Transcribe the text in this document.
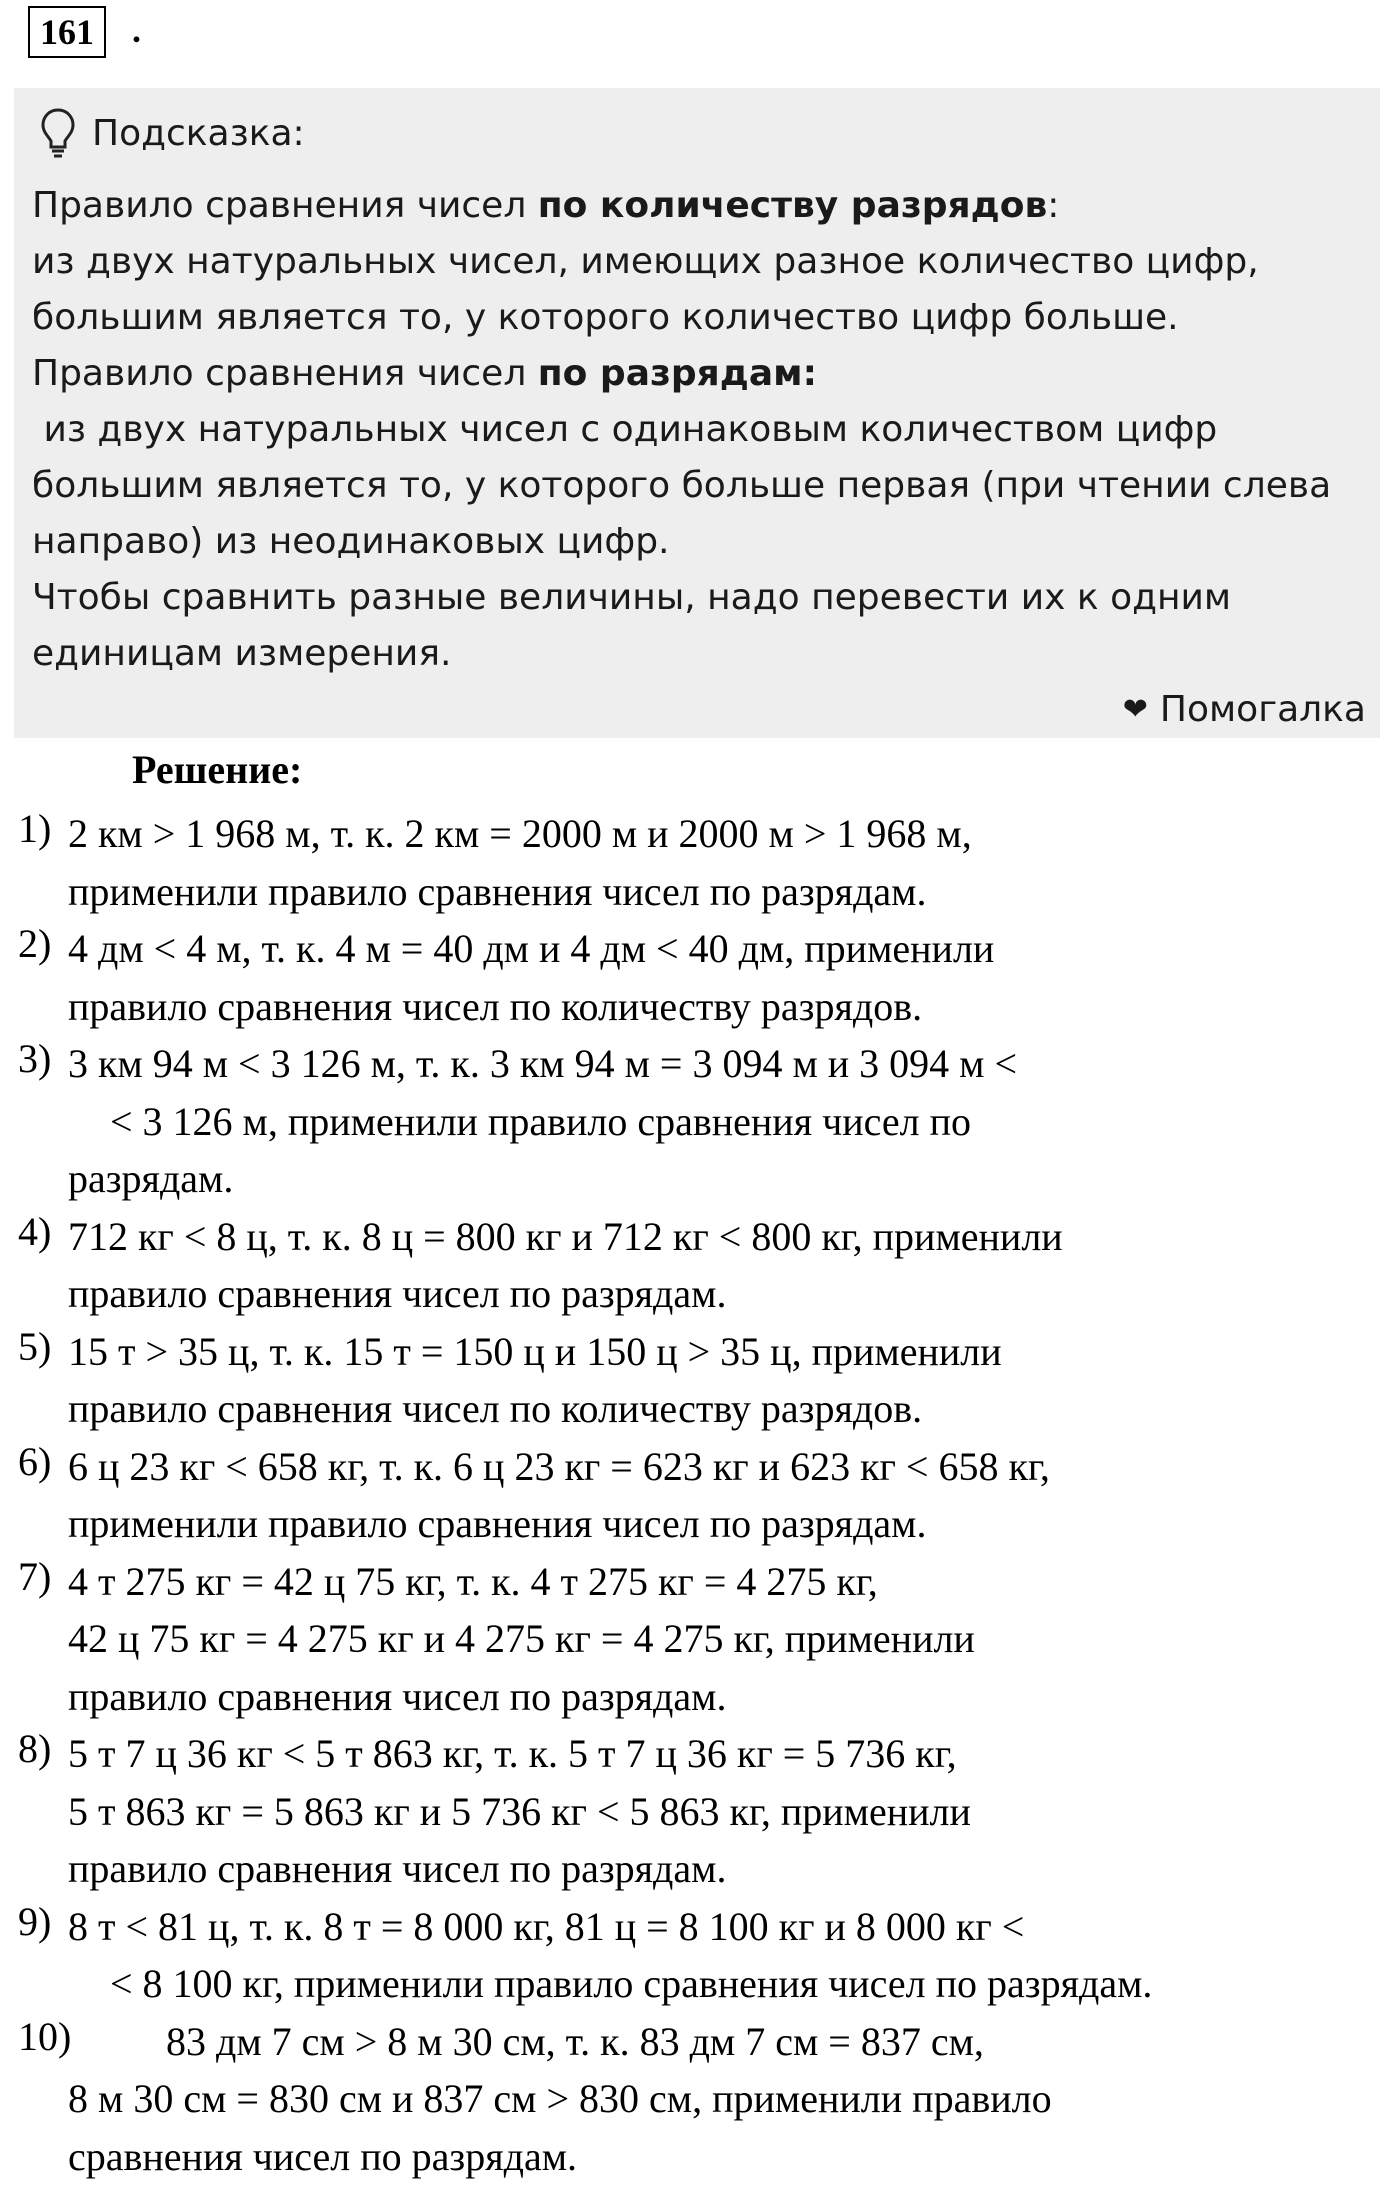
161	.
Подсказка:

Правило сравнения чисел по количеству разрядов:

из двух натуральных чисел, имеющих разное количество цифр,

большим является то, у которого количество цифр больше.

Правило сравнения чисел по разрядам:

из двух натуральных чисел с одинаковым количеством цифр

большим является то, у которого больше первая (при чтении слева

направо) из неодинаковых цифр.

Чтобы сравнить разные величины, надо перевести их к одним

единицам измерения.

❤ Помогалка
Решение:
1) 2 км > 1 968 м, т. к. 2 км = 2000 м и 2000 м > 1 968 м,
применили правило сравнения чисел по разрядам.
2) 4 дм < 4 м, т. к. 4 м = 40 дм и 4 дм < 40 дм, применили
правило сравнения чисел по количеству разрядов.
3) 3 км 94 м < 3 126 м, т. к. 3 км 94 м = 3 094 м и 3 094 м <
< 3 126 м, применили правило сравнения чисел по
разрядам.
4) 712 кг < 8 ц, т. к. 8 ц = 800 кг и 712 кг < 800 кг, применили
правило сравнения чисел по разрядам.
5) 15 т > 35 ц, т. к. 15 т = 150 ц и 150 ц > 35 ц, применили
правило сравнения чисел по количеству разрядов.
6) 6 ц 23 кг < 658 кг, т. к. 6 ц 23 кг = 623 кг и 623 кг < 658 кг,
применили правило сравнения чисел по разрядам.
7) 4 т 275 кг = 42 ц 75 кг, т. к. 4 т 275 кг = 4 275 кг,
42 ц 75 кг = 4 275 кг и 4 275 кг = 4 275 кг, применили
правило сравнения чисел по разрядам.
8) 5 т 7 ц 36 кг < 5 т 863 кг, т. к. 5 т 7 ц 36 кг = 5 736 кг,
5 т 863 кг = 5 863 кг и 5 736 кг < 5 863 кг, применили
правило сравнения чисел по разрядам.
9) 8 т < 81 ц, т. к. 8 т = 8 000 кг, 81 ц = 8 100 кг и 8 000 кг <
< 8 100 кг, применили правило сравнения чисел по разрядам.
10)	83 дм 7 см > 8 м 30 см, т. к. 83 дм 7 см = 837 см,
8 м 30 см = 830 см и 837 см > 830 см, применили правило
сравнения чисел по разрядам.
